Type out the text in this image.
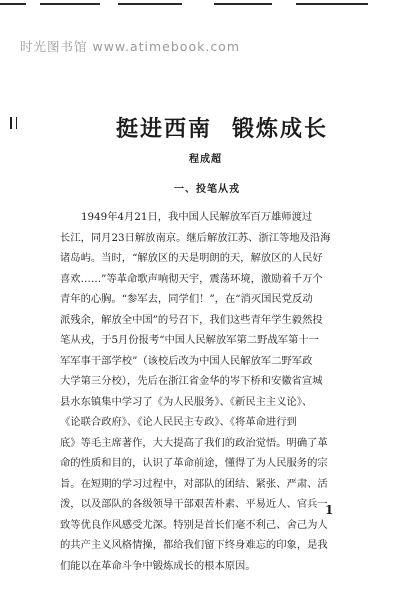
时光图书馆 www.atimebook.com
挺进西南 锻炼成长
程成超
一、投笔从戎
1949年4月21日，我中国人民解放军百万雄师渡过
长江，同月23日解放南京。继后解放江苏、浙江等地及沿海
诸岛屿。当时，“解放区的天是明朗的天，解放区的人民好
喜欢……”等革命歌声响彻天宇，震荡环境，激励着千万个
青年的心胸。“参军去，同学们！”，在“消灭国民党反动
派残余，解放全中国”的号召下，我们这些青年学生毅然投
笔从戎，于5月份报考“中国人民解放军第二野战军第十一
军军事干部学校”（该校后改为中国人民解放军二野军政
大学第三分校），先后在浙江省金华的岑下桥和安徽省宣城
县水东镇集中学习了《为人民服务》、《新民主主义论》、
《论联合政府》、《论人民民主专政》、《将革命进行到
底》等毛主席著作，大大提高了我们的政治觉悟。明确了革
命的性质和目的，认识了革命前途，懂得了为人民服务的宗
旨。在短期的学习过程中，对部队的团结、紧张、严肃、活
泼，以及部队的各级领导干部艰苦朴素、平易近人、官兵一
致等优良作风感受尤深。特别是首长们毫不利己、舍己为人
的共产主义风格情操，都给我们留下终身难忘的印象，是我
们能以在革命斗争中锻炼成长的根本原因。
1
